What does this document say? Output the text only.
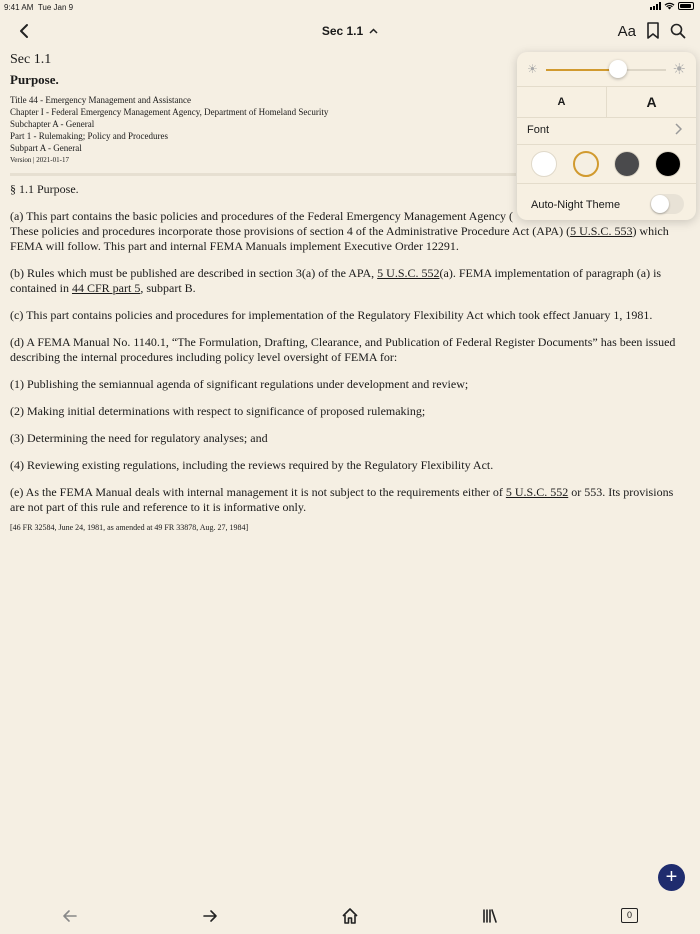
9:41 AM Tue Jan 9
Sec 1.1	Aa
Sec 1.1
Purpose.
Title 44 - Emergency Management and Assistance
Chapter I - Federal Emergency Management Agency, Department of Homeland Security
Subchapter A - General
Part 1 - Rulemaking; Policy and Procedures
Subpart A - General
Version | 2021-01-17

§ 1.1 Purpose.

(a) This part contains the basic policies and procedures of the Federal Emergency Management Agency (
These policies and procedures incorporate those provisions of section 4 of the Administrative Procedure Act (APA) (5 U.S.C. 553) which FEMA will follow. This part and internal FEMA Manuals implement Executive Order 12291.

(b) Rules which must be published are described in section 3(a) of the APA, 5 U.S.C. 552(a). FEMA implementation of paragraph (a) is contained in 44 CFR part 5, subpart B.

(c) This part contains policies and procedures for implementation of the Regulatory Flexibility Act which took effect January 1, 1981.

(d) A FEMA Manual No. 1140.1, “The Formulation, Drafting, Clearance, and Publication of Federal Register Documents” has been issued describing the internal procedures including policy level oversight of FEMA for:

(1) Publishing the semiannual agenda of significant regulations under development and review;

(2) Making initial determinations with respect to significance of proposed rulemaking;

(3) Determining the need for regulatory analyses; and

(4) Reviewing existing regulations, including the reviews required by the Regulatory Flexibility Act.

(e) As the FEMA Manual deals with internal management it is not subject to the requirements either of 5 U.S.C. 552 or 553. Its provisions are not part of this rule and reference to it is informative only.

[46 FR 32584, June 24, 1981, as amended at 49 FR 33878, Aug. 27, 1984]
☀	☀
A	A
Font
Auto-Night Theme
+
0
